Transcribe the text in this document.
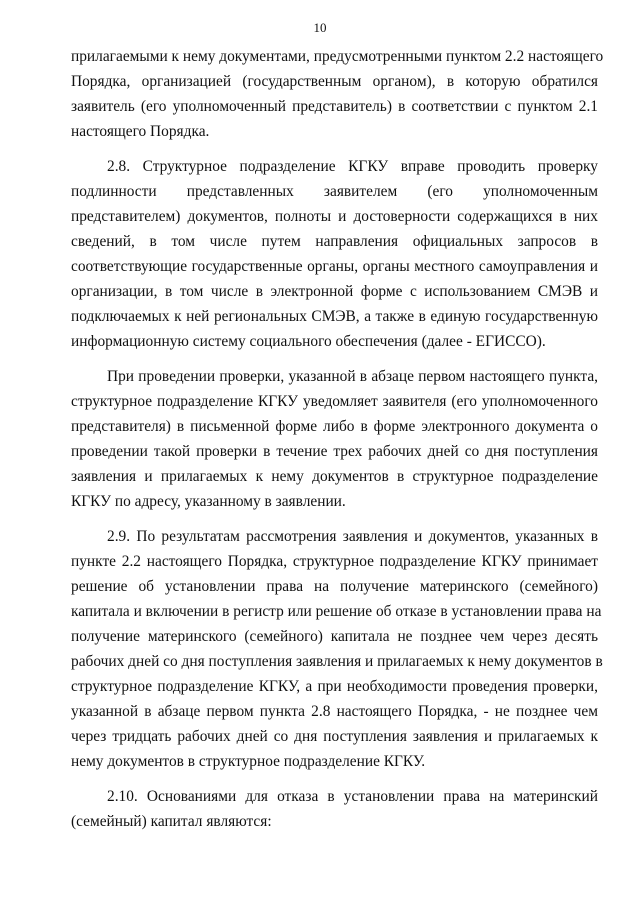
10
прилагаемыми к нему документами, предусмотренными пунктом 2.2 настоящего
Порядка, организацией (государственным органом), в которую обратился
заявитель (его уполномоченный представитель) в соответствии с пунктом 2.1
настоящего Порядка.
2.8. Структурное подразделение КГКУ вправе проводить проверку
подлинности представленных заявителем (его уполномоченным
представителем) документов, полноты и достоверности содержащихся в них
сведений, в том числе путем направления официальных запросов в
соответствующие государственные органы, органы местного самоуправления и
организации, в том числе в электронной форме с использованием СМЭВ и
подключаемых к ней региональных СМЭВ, а также в единую государственную
информационную систему социального обеспечения (далее - ЕГИССО).
При проведении проверки, указанной в абзаце первом настоящего пункта,
структурное подразделение КГКУ уведомляет заявителя (его уполномоченного
представителя) в письменной форме либо в форме электронного документа о
проведении такой проверки в течение трех рабочих дней со дня поступления
заявления и прилагаемых к нему документов в структурное подразделение
КГКУ по адресу, указанному в заявлении.
2.9. По результатам рассмотрения заявления и документов, указанных в
пункте 2.2 настоящего Порядка, структурное подразделение КГКУ принимает
решение об установлении права на получение материнского (семейного)
капитала и включении в регистр или решение об отказе в установлении права на
получение материнского (семейного) капитала не позднее чем через десять
рабочих дней со дня поступления заявления и прилагаемых к нему документов в
структурное подразделение КГКУ, а при необходимости проведения проверки,
указанной в абзаце первом пункта 2.8 настоящего Порядка, - не позднее чем
через тридцать рабочих дней со дня поступления заявления и прилагаемых к
нему документов в структурное подразделение КГКУ.
2.10. Основаниями для отказа в установлении права на материнский
(семейный) капитал являются:
